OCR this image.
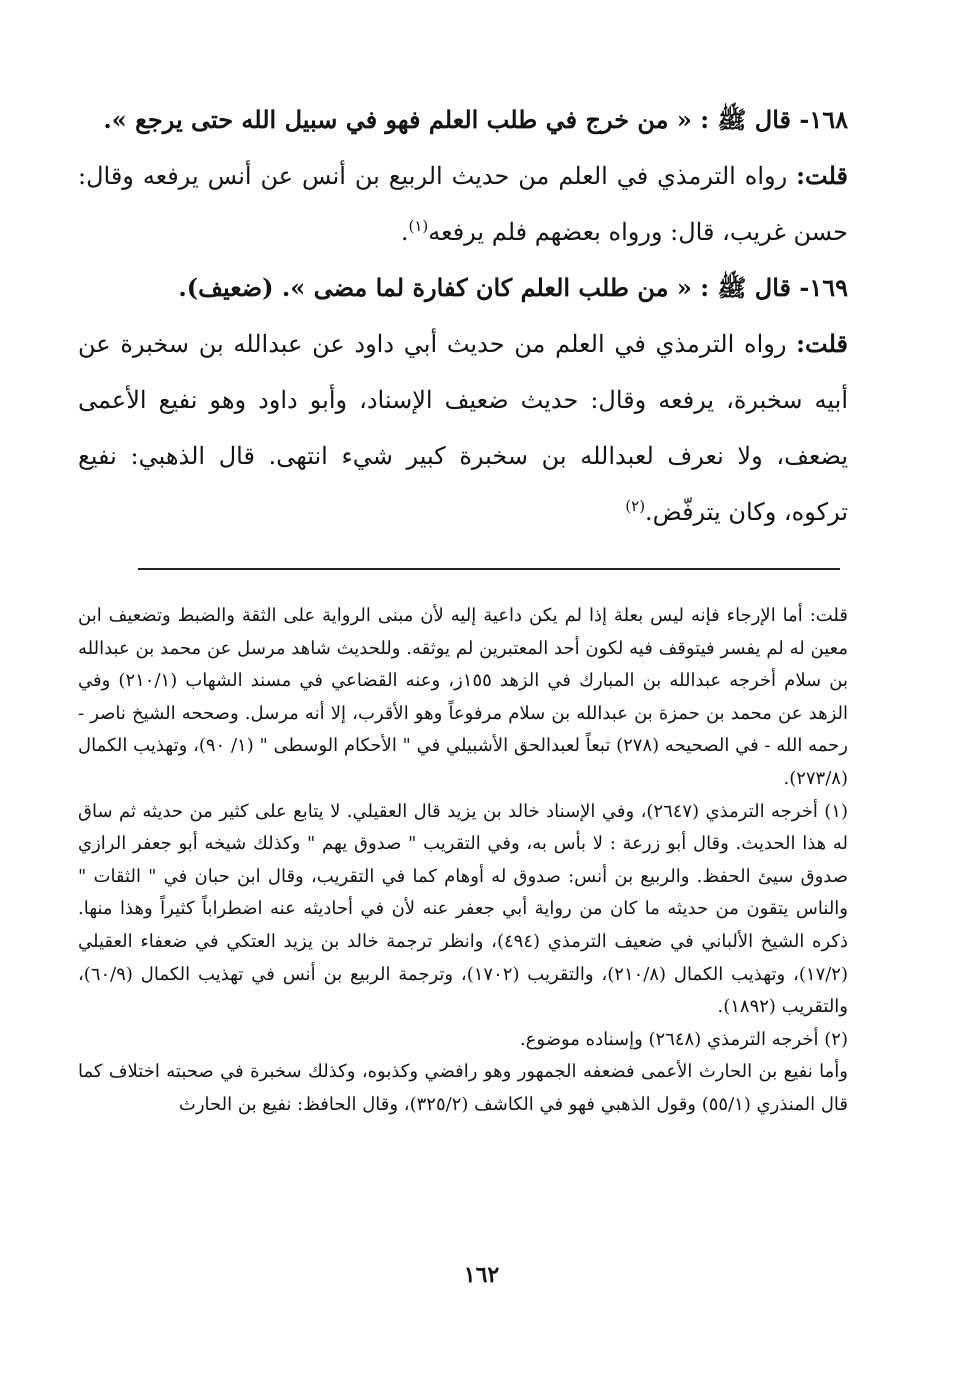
١٦٨- قال ﷺ : « من خرج في طلب العلم فهو في سبيل الله حتى يرجع ».

قلت: رواه الترمذي في العلم من حديث الربيع بن أنس عن أنس يرفعه وقال: حسن غريب، قال: ورواه بعضهم فلم يرفعه$^{(١)}$.

١٦٩- قال ﷺ : « من طلب العلم كان كفارة لما مضى ». (ضعيف).

قلت: رواه الترمذي في العلم من حديث أبي داود عن عبدالله بن سخبرة عن أبيه سخبرة، يرفعه وقال: حديث ضعيف الإسناد، وأبو داود وهو نفيع الأعمى يضعف، ولا نعرف لعبدالله بن سخبرة كبير شيء انتهى. قال الذهبي: نفيع تركوه، وكان يترفّض.$^{(٢)}$

قلت: أما الإرجاء فإنه ليس بعلة إذا لم يكن داعية إليه لأن مبنى الرواية على الثقة والضبط وتضعيف ابن معين له لم يفسر فيتوقف فيه لكون أحد المعتبرين لم يوثقه. وللحديث شاهد مرسل عن محمد بن عبدالله بن سلام أخرجه عبدالله بن المبارك في الزهد ١٥٥ز، وعنه القضاعي في مسند الشهاب (٢١٠/١) وفي الزهد عن محمد بن حمزة بن عبدالله بن سلام مرفوعاً وهو الأقرب، إلا أنه مرسل. وصححه الشيخ ناصر - رحمه الله - في الصحيحه (٢٧٨) تبعاً لعبدالحق الأشبيلي في " الأحكام الوسطى " (١/ ٩٠)، وتهذيب الكمال (٢٧٣/٨).

(١) أخرجه الترمذي (٢٦٤٧)، وفي الإسناد خالد بن يزيد قال العقيلي. لا يتابع على كثير من حديثه ثم ساق له هذا الحديث. وقال أبو زرعة : لا بأس به، وفي التقريب " صدوق يهم " وكذلك شيخه أبو جعفر الرازي صدوق سيئ الحفظ. والربيع بن أنس: صدوق له أوهام كما في التقريب، وقال ابن حبان في " الثقات " والناس يتقون من حديثه ما كان من رواية أبي جعفر عنه لأن في أحاديثه عنه اضطراباً كثيراً وهذا منها. ذكره الشيخ الألباني في ضعيف الترمذي (٤٩٤)، وانظر ترجمة خالد بن يزيد العتكي في ضعفاء العقيلي (١٧/٢)، وتهذيب الكمال (٢١٠/٨)، والتقريب (١٧٠٢)، وترجمة الربيع بن أنس في تهذيب الكمال (٦٠/٩)، والتقريب (١٨٩٢).

(٢) أخرجه الترمذي (٢٦٤٨) وإسناده موضوع.

وأما نفيع بن الحارث الأعمى فضعفه الجمهور وهو رافضي وكذبوه، وكذلك سخبرة في صحبته اختلاف كما قال المنذري (٥٥/١) وقول الذهبي فهو في الكاشف (٣٢٥/٢)، وقال الحافظ: نفيع بن الحارث

١٦٢
